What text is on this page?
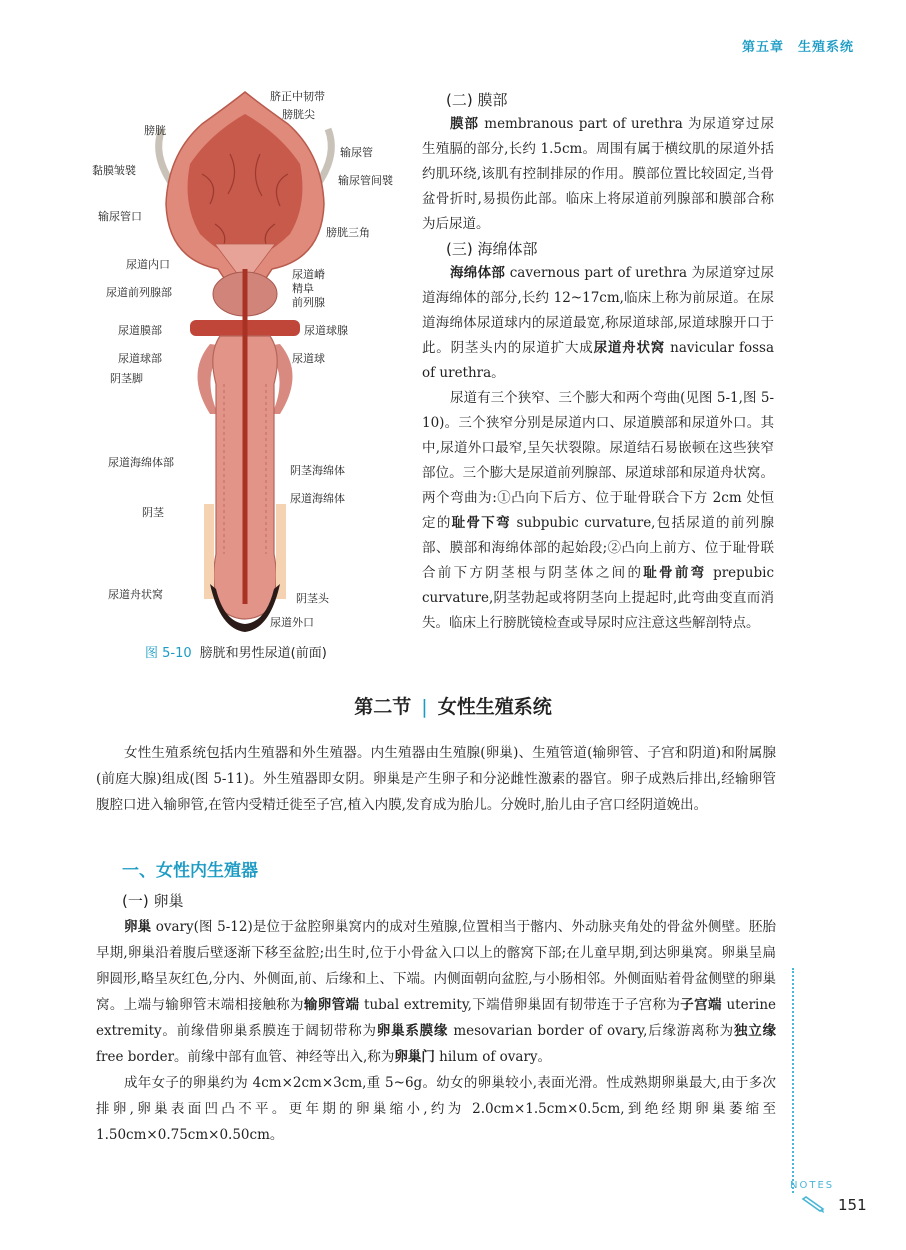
第五章 生殖系统
膀胱
黏膜皱襞
输尿管口
尿道内口
尿道前列腺部
尿道膜部
尿道球部
阴茎脚
尿道海绵体部
阴茎
尿道舟状窝
脐正中韧带
膀胱尖
输尿管
输尿管间襞
膀胱三角
尿道嵴
精阜
前列腺
尿道球腺
尿道球
阴茎海绵体
尿道海绵体
阴茎头
尿道外口
图 5-10 膀胱和男性尿道(前面)
(二) 膜部

膜部 membranous part of urethra 为尿道穿过尿生殖膈的部分,长约 1.5cm。周围有属于横纹肌的尿道外括约肌环绕,该肌有控制排尿的作用。膜部位置比较固定,当骨盆骨折时,易损伤此部。临床上将尿道前列腺部和膜部合称为后尿道。

(三) 海绵体部

海绵体部 cavernous part of urethra 为尿道穿过尿道海绵体的部分,长约 12~17cm,临床上称为前尿道。在尿道海绵体尿道球内的尿道最宽,称尿道球部,尿道球腺开口于此。阴茎头内的尿道扩大成尿道舟状窝 navicular fossa of urethra。

尿道有三个狭窄、三个膨大和两个弯曲(见图 5-1,图 5-10)。三个狭窄分别是尿道内口、尿道膜部和尿道外口。其中,尿道外口最窄,呈矢状裂隙。尿道结石易嵌顿在这些狭窄部位。三个膨大是尿道前列腺部、尿道球部和尿道舟状窝。两个弯曲为:①凸向下后方、位于耻骨联合下方 2cm 处恒定的耻骨下弯 subpubic curvature,包括尿道的前列腺部、膜部和海绵体部的起始段;②凸向上前方、位于耻骨联合前下方阴茎根与阴茎体之间的耻骨前弯 prepubic curvature,阴茎勃起或将阴茎向上提起时,此弯曲变直而消失。临床上行膀胱镜检查或导尿时应注意这些解剖特点。

第二节 | 女性生殖系统

女性生殖系统包括内生殖器和外生殖器。内生殖器由生殖腺(卵巢)、生殖管道(输卵管、子宫和阴道)和附属腺(前庭大腺)组成(图 5-11)。外生殖器即女阴。卵巢是产生卵子和分泌雌性激素的器官。卵子成熟后排出,经输卵管腹腔口进入输卵管,在管内受精迁徙至子宫,植入内膜,发育成为胎儿。分娩时,胎儿由子宫口经阴道娩出。

一、女性内生殖器
(一) 卵巢

卵巢 ovary(图 5-12)是位于盆腔卵巢窝内的成对生殖腺,位置相当于髂内、外动脉夹角处的骨盆外侧壁。胚胎早期,卵巢沿着腹后壁逐渐下移至盆腔;出生时,位于小骨盆入口以上的髂窝下部;在儿童早期,到达卵巢窝。卵巢呈扁卵圆形,略呈灰红色,分内、外侧面,前、后缘和上、下端。内侧面朝向盆腔,与小肠相邻。外侧面贴着骨盆侧壁的卵巢窝。上端与输卵管末端相接触称为输卵管端 tubal extremity,下端借卵巢固有韧带连于子宫称为子宫端 uterine extremity。前缘借卵巢系膜连于阔韧带称为卵巢系膜缘 mesovarian border of ovary,后缘游离称为独立缘 free border。前缘中部有血管、神经等出入,称为卵巢门 hilum of ovary。

成年女子的卵巢约为 4cm×2cm×3cm,重 5~6g。幼女的卵巢较小,表面光滑。性成熟期卵巢最大,由于多次排卵,卵巢表面凹凸不平。更年期的卵巢缩小,约为 2.0cm×1.5cm×0.5cm,到绝经期卵巢萎缩至 1.50cm×0.75cm×0.50cm。

NOTES
151
